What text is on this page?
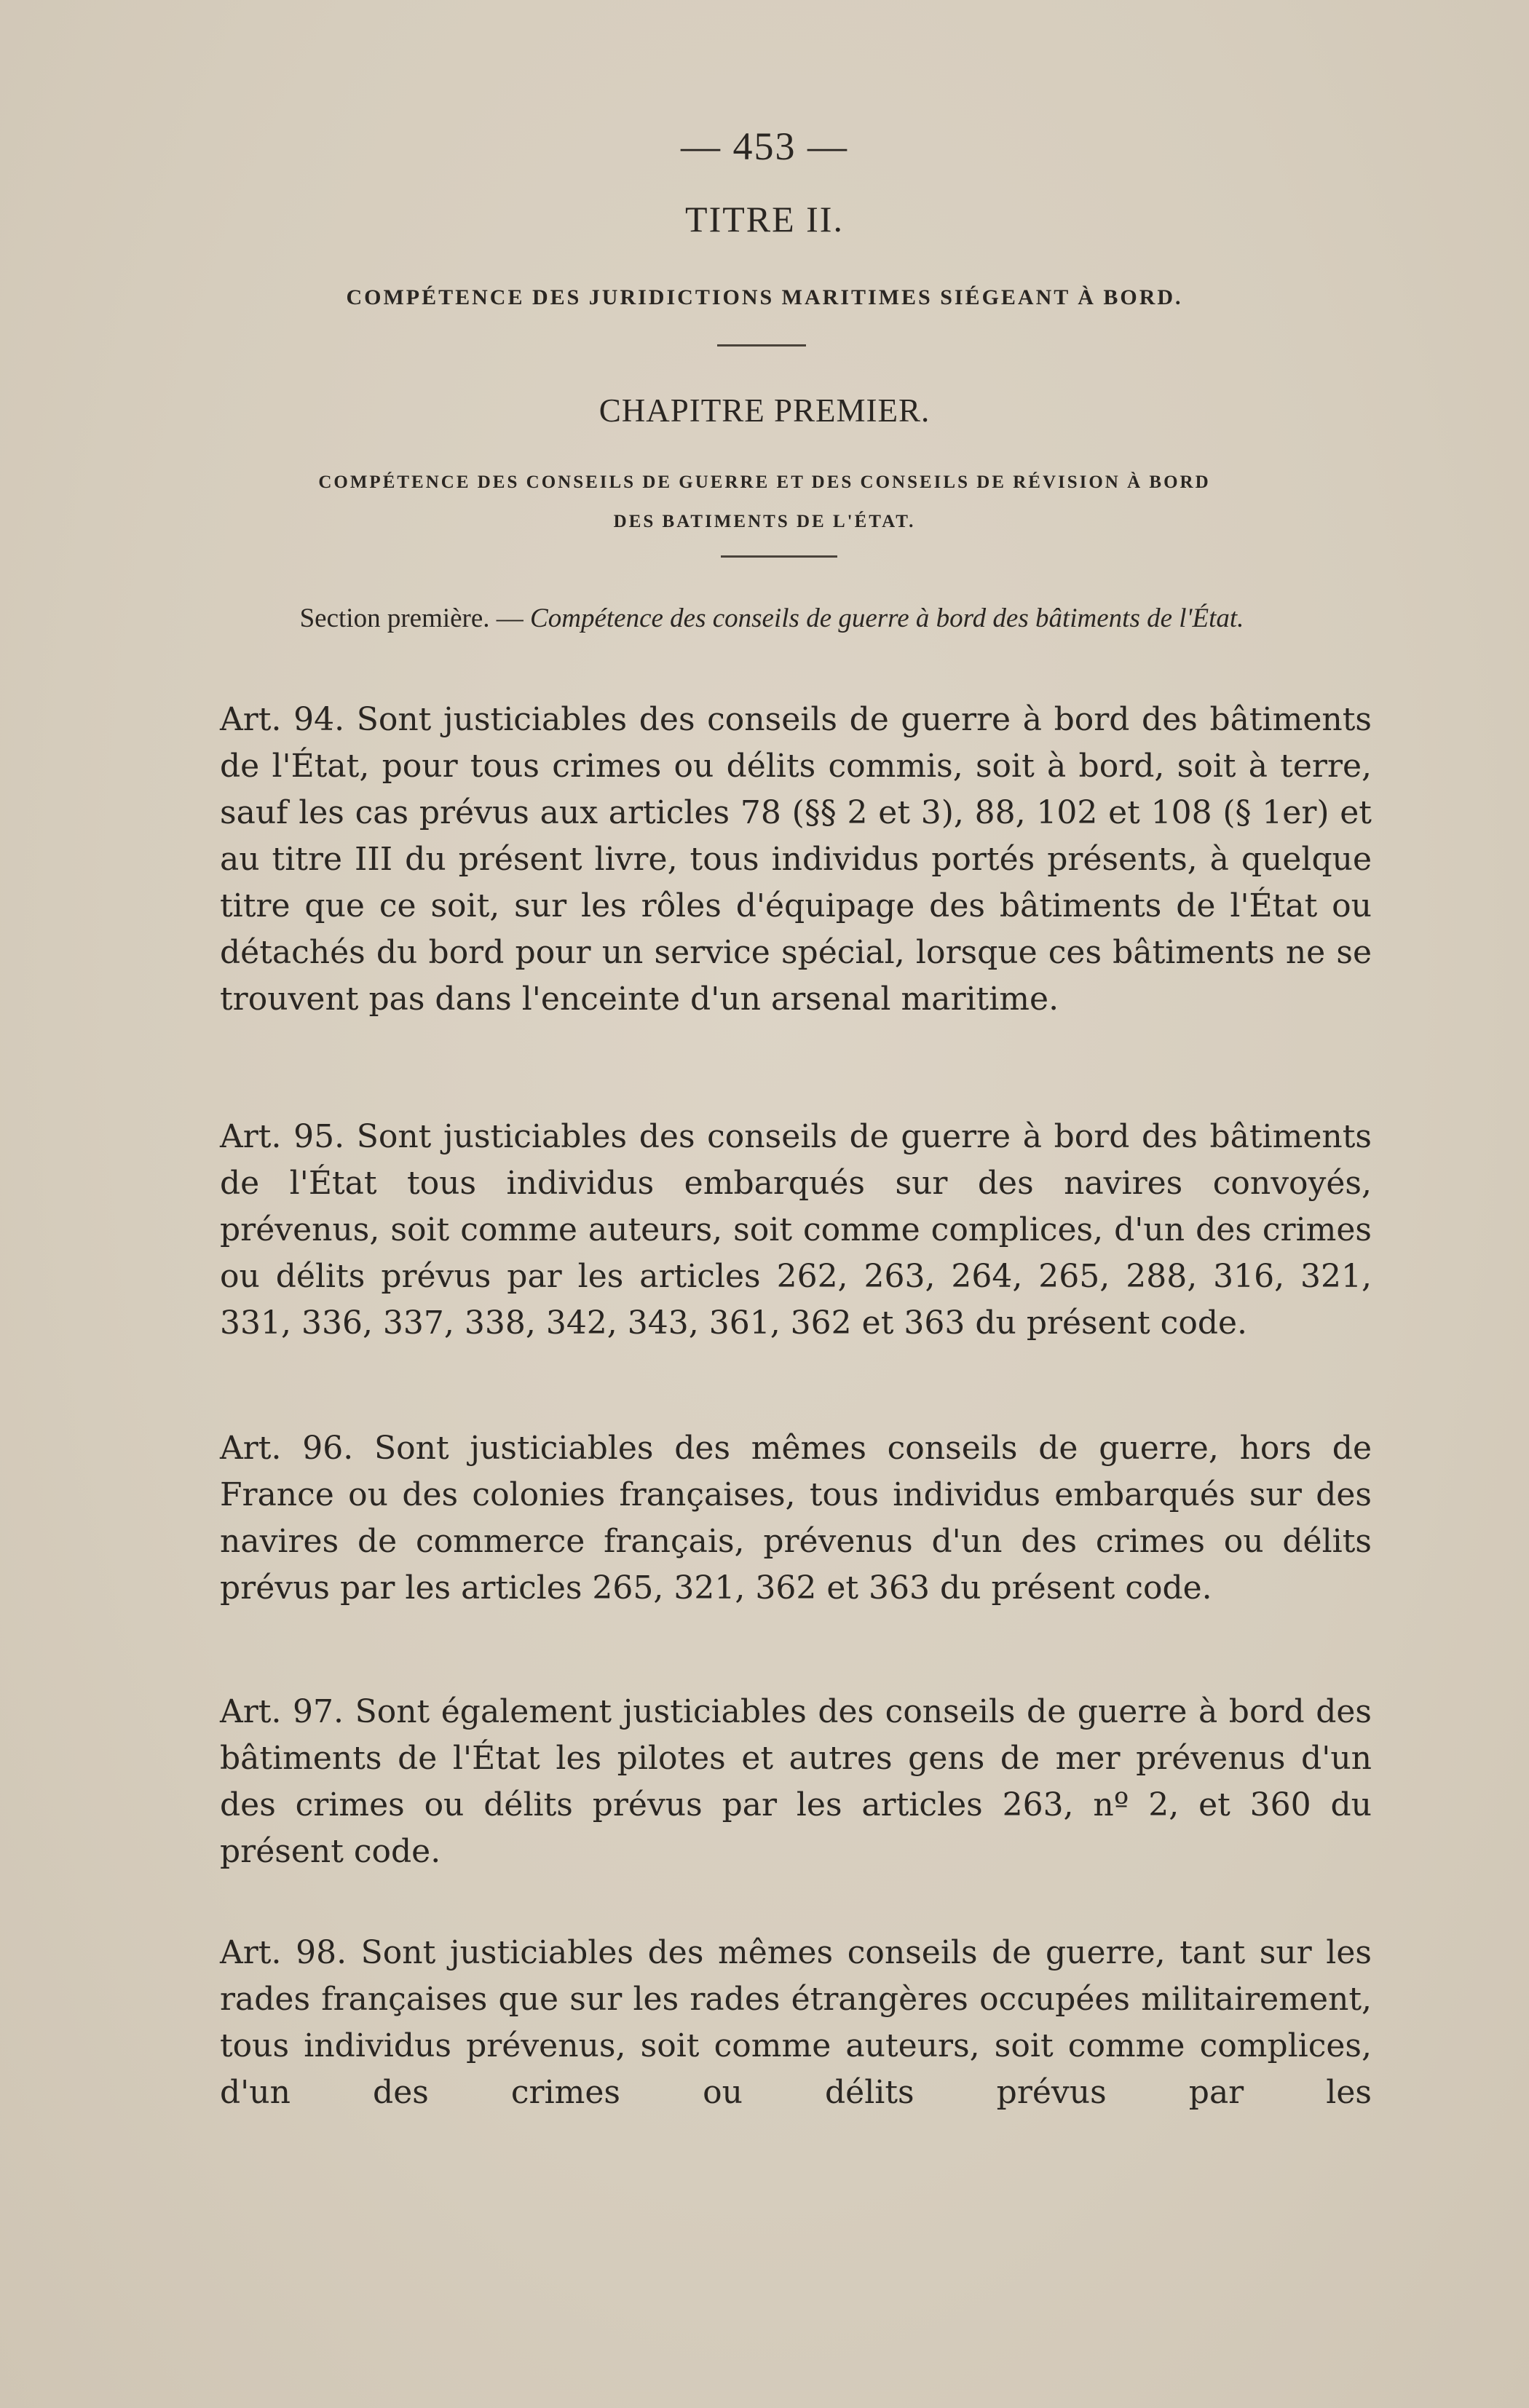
— 453 —
TITRE II.
COMPÉTENCE DES JURIDICTIONS MARITIMES SIÉGEANT À BORD.
CHAPITRE PREMIER.
COMPÉTENCE DES CONSEILS DE GUERRE ET DES CONSEILS DE RÉVISION À BORD
DES BATIMENTS DE L'ÉTAT.
Section première. — Compétence des conseils de guerre à bord des bâtiments de l'État.
Art. 94. Sont justiciables des conseils de guerre à bord des bâtiments de l'État, pour tous crimes ou délits commis, soit à bord, soit à terre, sauf les cas prévus aux articles 78 (§§ 2 et 3), 88, 102 et 108 (§ 1er) et au titre III du présent livre, tous individus portés présents, à quelque titre que ce soit, sur les rôles d'équipage des bâtiments de l'État ou détachés du bord pour un service spécial, lorsque ces bâtiments ne se trouvent pas dans l'enceinte d'un arsenal maritime.
Art. 95. Sont justiciables des conseils de guerre à bord des bâtiments de l'État tous individus embarqués sur des navires convoyés, prévenus, soit comme auteurs, soit comme complices, d'un des crimes ou délits prévus par les articles 262, 263, 264, 265, 288, 316, 321, 331, 336, 337, 338, 342, 343, 361, 362 et 363 du présent code.
Art. 96. Sont justiciables des mêmes conseils de guerre, hors de France ou des colonies françaises, tous individus embarqués sur des navires de commerce français, prévenus d'un des crimes ou délits prévus par les articles 265, 321, 362 et 363 du présent code.
Art. 97. Sont également justiciables des conseils de guerre à bord des bâtiments de l'État les pilotes et autres gens de mer prévenus d'un des crimes ou délits prévus par les articles 263, nº 2, et 360 du présent code.
Art. 98. Sont justiciables des mêmes conseils de guerre, tant sur les rades françaises que sur les rades étrangères occupées militairement, tous individus prévenus, soit comme auteurs, soit comme complices, d'un des crimes ou délits prévus par les
